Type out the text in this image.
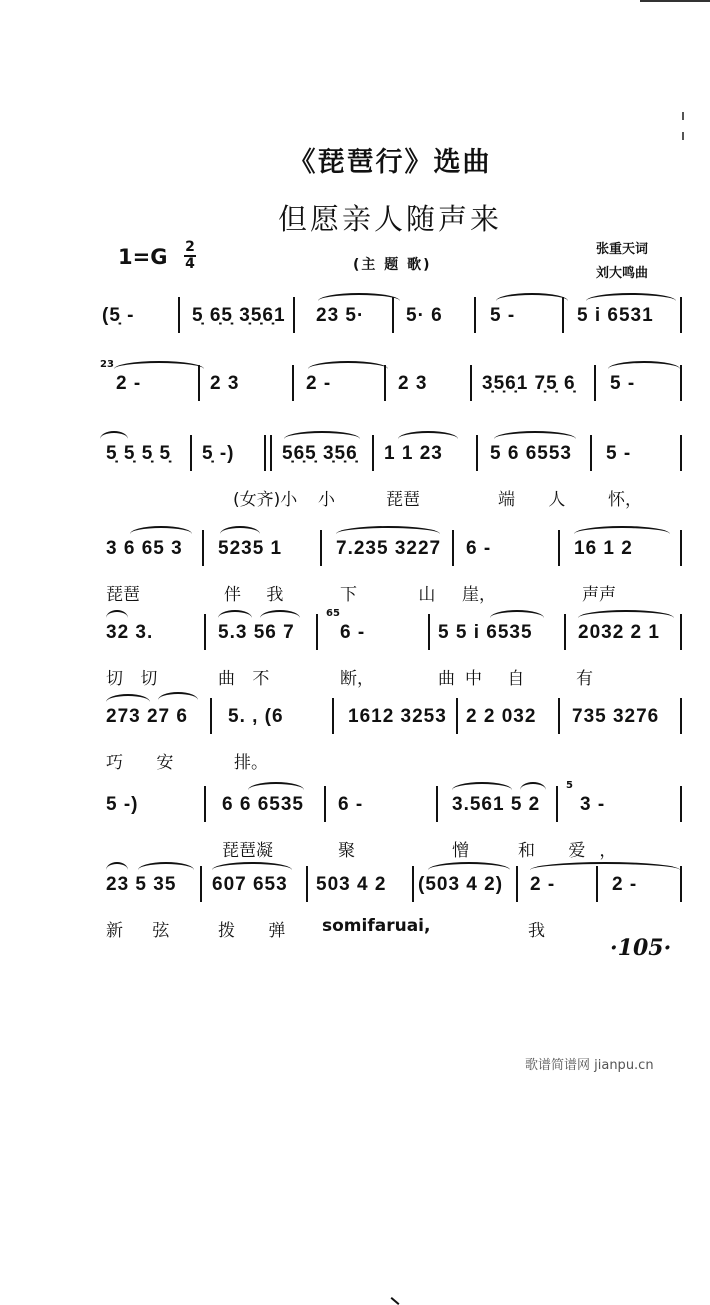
《琵琶行》选曲
但愿亲人随声来
张重天词
刘大鸣曲
1=G 2
4	(主 题 歌)
(5̣ -	5̣ 6̣5̣ 3̣5̣6̣1 23 5· 5· 6 5 -	5 i 6531
23
2 -	2 3	2 -	2 3	3̣5̣6̣1 7̣5̣ 6̣ 5 -
5̣ 5̣ 5̣ 5̣ 5̣ -)	5̣6̣5̣ 3̣5̣6̣ 1 1 23 5 6 6553 5 -
(女齐)小 小	琵琶	端 人 怀，
3 6 65 3 5235 1	7.235 3227 6 -	16 1 2
琵琶	伴 我	下 山
崖，	声声
32 3.	5.3 56 7
65
6 -	5 5 i 6535 2032 2 1
切 切	曲 不	断，	曲中 自 有
273 27 6 5. , (6	1612 3253 2 2 032 735 3276
巧 安	排。
5 -)	6 6 6535 6 -	3.561 5 2
5
3 -
琵琶凝	聚	憎	和 爱，
23 5 35 607 653 503 4 2 (503 4 2) 2 -	2 -
新 弦 拨 弹 somifaruai,	我
·105·
歌谱简谱网 jianpu.cn
